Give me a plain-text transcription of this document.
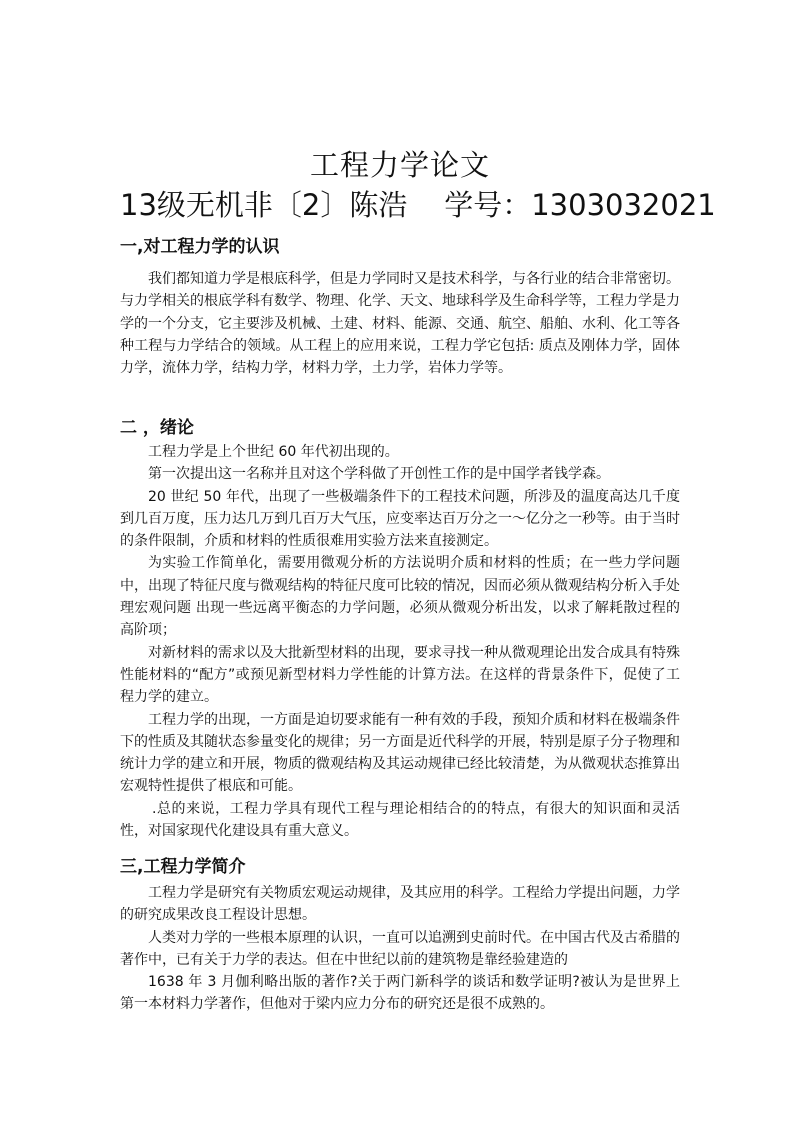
工程力学论文
13级无机非〔2〕陈浩    学号：1303032021
一,对工程力学的认识

我们都知道力学是根底科学，但是力学同时又是技术科学，与各行业的结合非常密切。与力学相关的根底学科有数学、物理、化学、天文、地球科学及生命科学等，工程力学是力学的一个分支，它主要涉及机械、土建、材料、能源、交通、航空、船舶、水利、化工等各种工程与力学结合的领域。从工程上的应用来说，工程力学它包括: 质点及刚体力学，固体力学，流体力学，结构力学，材料力学，土力学，岩体力学等。

二 ，绪论

工程力学是上个世纪 60 年代初出现的。

第一次提出这一名称并且对这个学科做了开创性工作的是中国学者钱学森。

20 世纪 50 年代，出现了一些极端条件下的工程技术问题，所涉及的温度高达几千度到几百万度，压力达几万到几百万大气压，应变率达百万分之一～亿分之一秒等。由于当时的条件限制，介质和材料的性质很难用实验方法来直接测定。

为实验工作简单化，需要用微观分析的方法说明介质和材料的性质；在一些力学问题中，出现了特征尺度与微观结构的特征尺度可比较的情况，因而必须从微观结构分析入手处理宏观问题 出现一些远离平衡态的力学问题，必须从微观分析出发，以求了解耗散过程的高阶项；

对新材料的需求以及大批新型材料的出现，要求寻找一种从微观理论出发合成具有特殊性能材料的“配方”或预见新型材料力学性能的计算方法。在这样的背景条件下，促使了工程力学的建立。

工程力学的出现，一方面是迫切要求能有一种有效的手段，预知介质和材料在极端条件下的性质及其随状态参量变化的规律；另一方面是近代科学的开展，特别是原子分子物理和统计力学的建立和开展，物质的微观结构及其运动规律已经比较清楚，为从微观状态推算出宏观特性提供了根底和可能。

.总的来说，工程力学具有现代工程与理论相结合的的特点，有很大的知识面和灵活性，对国家现代化建设具有重大意义。

三,工程力学简介

工程力学是研究有关物质宏观运动规律，及其应用的科学。工程给力学提出问题，力学的研究成果改良工程设计思想。

人类对力学的一些根本原理的认识，一直可以追溯到史前时代。在中国古代及古希腊的著作中，已有关于力学的表达。但在中世纪以前的建筑物是靠经验建造的

1638 年 3 月伽利略出版的著作?关于两门新科学的谈话和数学证明?被认为是世界上第一本材料力学著作，但他对于梁内应力分布的研究还是很不成熟的。
